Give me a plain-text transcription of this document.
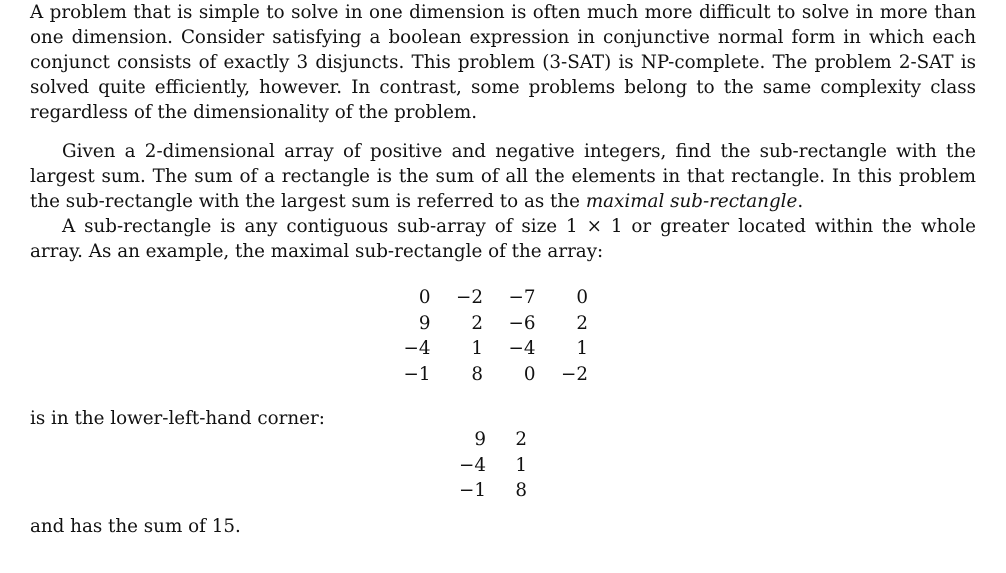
A problem that is simple to solve in one dimension is often much more difficult to solve in more than one dimension. Consider satisfying a boolean expression in conjunctive normal form in which each conjunct consists of exactly 3 disjuncts. This problem (3-SAT) is NP-complete. The problem 2-SAT is solved quite efficiently, however. In contrast, some problems belong to the same complexity class regardless of the dimensionality of the problem.

Given a 2-dimensional array of positive and negative integers, find the sub-rectangle with the largest sum. The sum of a rectangle is the sum of all the elements in that rectangle. In this problem the sub-rectangle with the largest sum is referred to as the maximal sub-rectangle.

A sub-rectangle is any contiguous sub-array of size 1 × 1 or greater located within the whole array. As an example, the maximal sub-rectangle of the array:

0	−2	−7	0
9	2	−6	2
−4	1	−4	1
−1	8	0	−2

is in the lower-left-hand corner:

9	2
−4	1
−1	8

and has the sum of 15.
